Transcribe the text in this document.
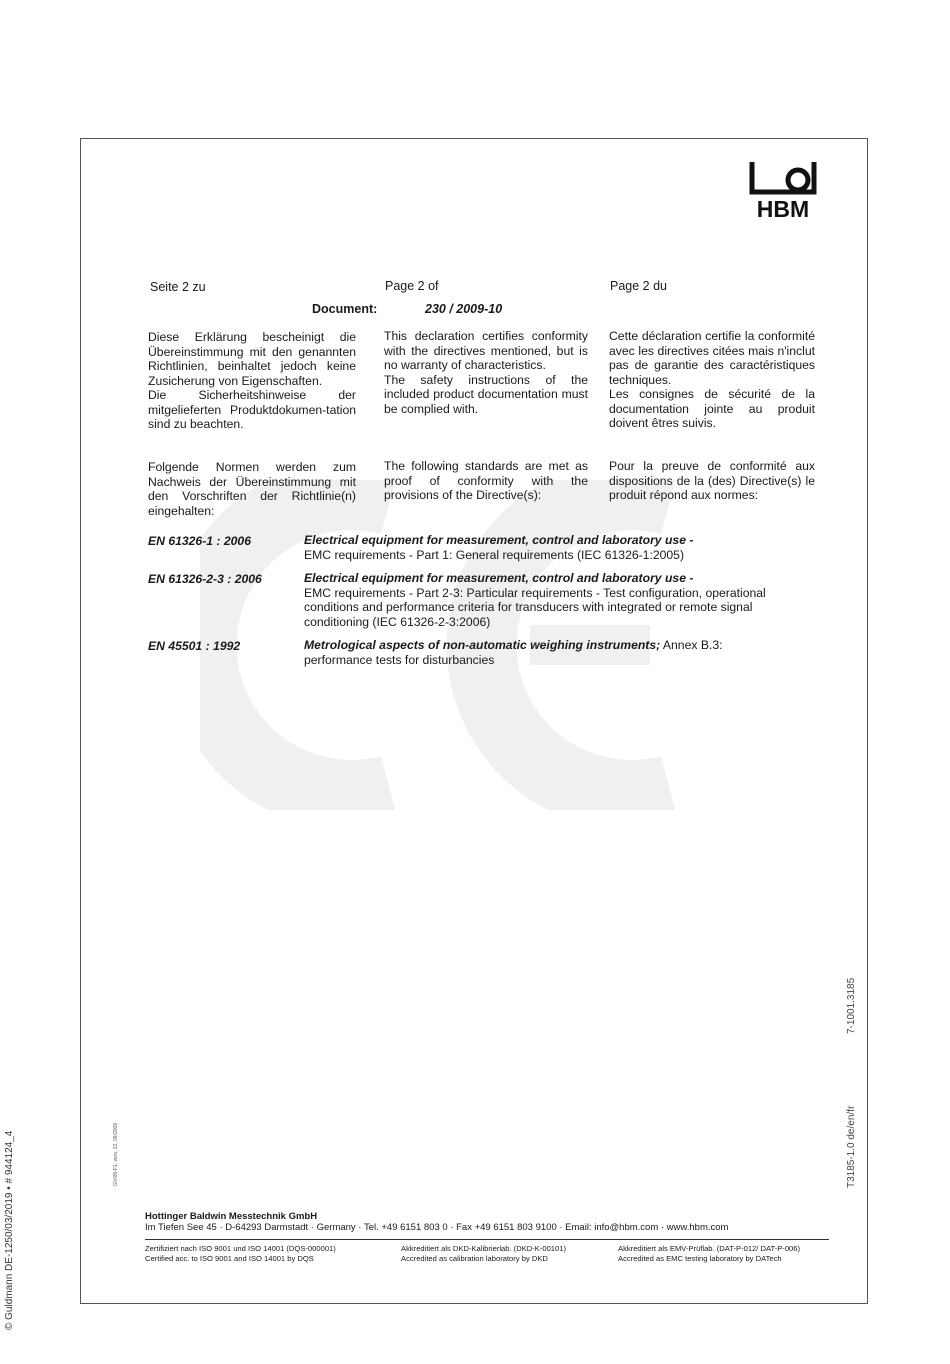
HBM
Seite 2 zu	Page 2 of	Page 2 du
Document:	230 / 2009-10

Diese Erklärung bescheinigt die Übereinstimmung mit den genannten Richtlinien, beinhaltet jedoch keine Zusicherung von Eigenschaften.

Die Sicherheitshinweise der mitgelieferten Produktdokumen-tation sind zu beachten.

This declaration certifies conformity with the directives mentioned, but is no warranty of characteristics.

The safety instructions of the included product documentation must be complied with.

Cette déclaration certifie la conformité avec les directives citées mais n'inclut pas de garantie des caractéristiques techniques.

Les consignes de sécurité de la documentation jointe au produit doivent êtres suivis.

Folgende Normen werden zum Nachweis der Übereinstimmung mit den Vorschriften der Richtlinie(n) eingehalten:
The following standards are met as proof of conformity with the provisions of the Directive(s):
Pour la preuve de conformité aux dispositions de la (des) Directive(s) le produit répond aux normes:
EN 61326-1 : 2006	Electrical equipment for measurement, control and laboratory use -
EMC requirements - Part 1: General requirements (IEC 61326-1:2005)
EN 61326-2-3 : 2006	Electrical equipment for measurement, control and laboratory use -
EMC requirements - Part 2-3: Particular requirements - Test configuration, operational conditions and performance criteria for transducers with integrated or remote signal conditioning (IEC 61326-2-3:2006)
EN 45501 : 1992	Metrological aspects of non-automatic weighing instruments; Annex B.3: performance tests for disturbancies
Hottinger Baldwin Messtechnik GmbH
Im Tiefen See 45 · D-64293 Darmstadt · Germany · Tel. +49 6151 803 0 · Fax +49 6151 803 9100 · Email: info@hbm.com · www.hbm.com
Zertifiziert nach ISO 9001 und ISO 14001 (DQS-000001)
Certified acc. to ISO 9001 and ISO 14001 by DQS
Akkreditiert als DKD-Kalibrierlab. (DKD-K-00101)
Accredited as calibration laboratory by DKD
Akkreditiert als EMV-Prüflab. (DAT-P-012/ DAT-P-006)
Accredited as EMC testing laboratory by DATech
© Guldmann DE-1250/03/2019 • # 944124_4
7-1001.3185
T3185-1.0 de/en/fr
GVI05-F1, vers. 12, 09/2009
